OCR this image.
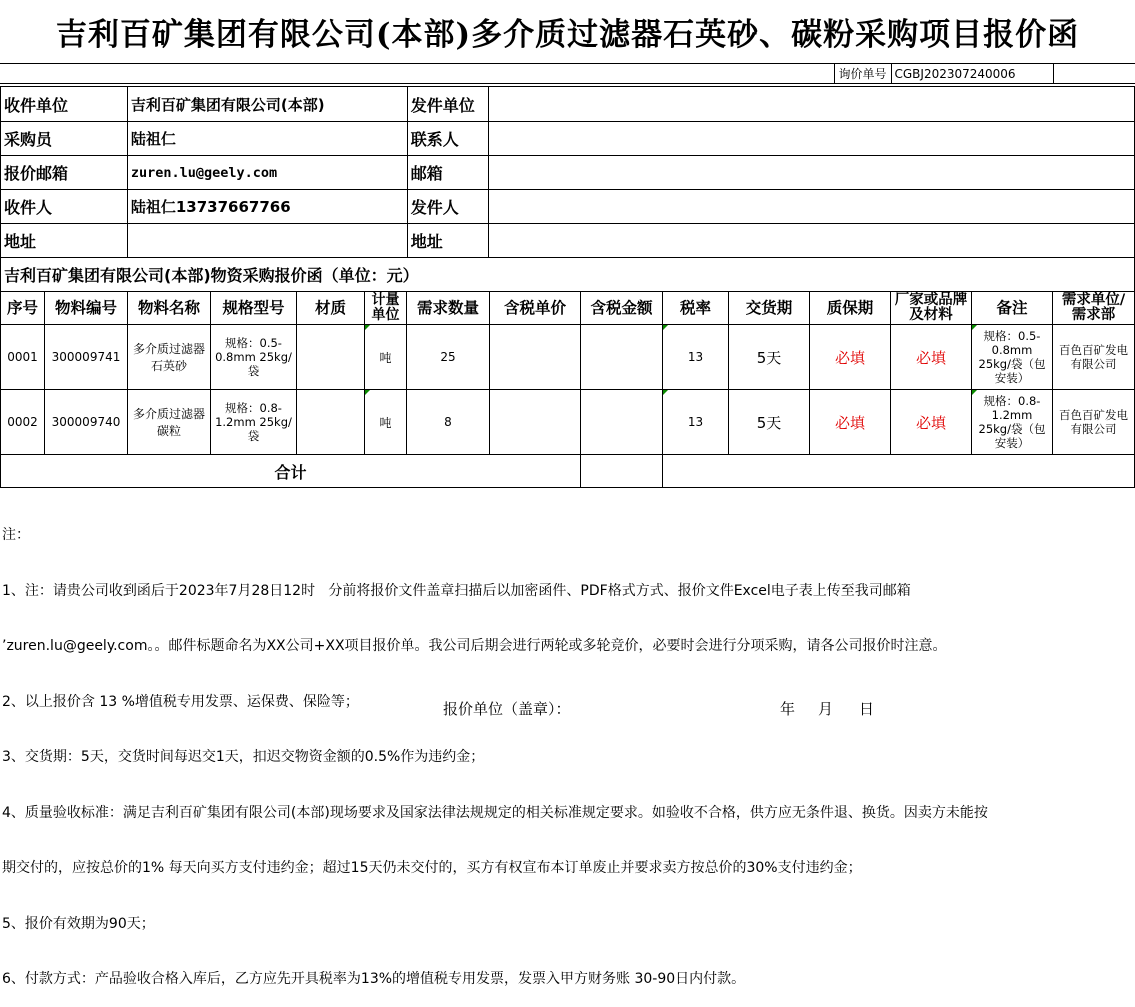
吉利百矿集团有限公司(本部)多介质过滤器石英砂、碳粉采购项目报价函
	询价单号	CGBJ202307240006	
收件单位	吉利百矿集团有限公司(本部)	发件单位	
采购员	陆祖仁	联系人	
报价邮箱	zuren.lu@geely.com	邮箱	
收件人	陆祖仁13737667766	发件人	
地址		地址	
吉利百矿集团有限公司(本部)物资采购报价函（单位：元）			
序号	物料编号	物料名称	规格型号	材质	计量单位	需求数量	含税单价	含税金额	税率	交货期	质保期	厂家或品牌及材料	备注	需求单位/需求部
0001	300009741	多介质过滤器石英砂	规格：0.5-0.8mm 25kg/袋		吨	25			13	5天	必填	必填	规格：0.5-0.8mm 25kg/袋（包安装）	百色百矿发电有限公司
0002	300009740	多介质过滤器碳粒	规格：0.8-1.2mm 25kg/袋		吨	8			13	5天	必填	必填	规格：0.8-1.2mm 25kg/袋（包安装）	百色百矿发电有限公司
合计														

注：

1、注：请贵公司收到函后于2023年7月28日12时   分前将报价文件盖章扫描后以加密函件、PDF格式方式、报价文件Excel电子表上传至我司邮箱

’zuren.lu@geely.com。。邮件标题命名为XX公司+XX项目报价单。我公司后期会进行两轮或多轮竞价，必要时会进行分项采购，请各公司报价时注意。

2、以上报价含 13 %增值税专用发票、运保费、保险等；

3、交货期：5天，交货时间每迟交1天，扣迟交物资金额的0.5%作为违约金；

4、质量验收标准：满足吉利百矿集团有限公司(本部)现场要求及国家法律法规规定的相关标准规定要求。如验收不合格，供方应无条件退、换货。因卖方未能按

期交付的，应按总价的1% 每天向买方支付违约金；超过15天仍未交付的，买方有权宣布本订单废止并要求卖方按总价的30%支付违约金；

5、报价有效期为90天；

6、付款方式：产品验收合格入库后，乙方应先开具税率为13%的增值税专用发票，发票入甲方财务账 30-90日内付款。

报价单位（盖章）：	年 月 日
